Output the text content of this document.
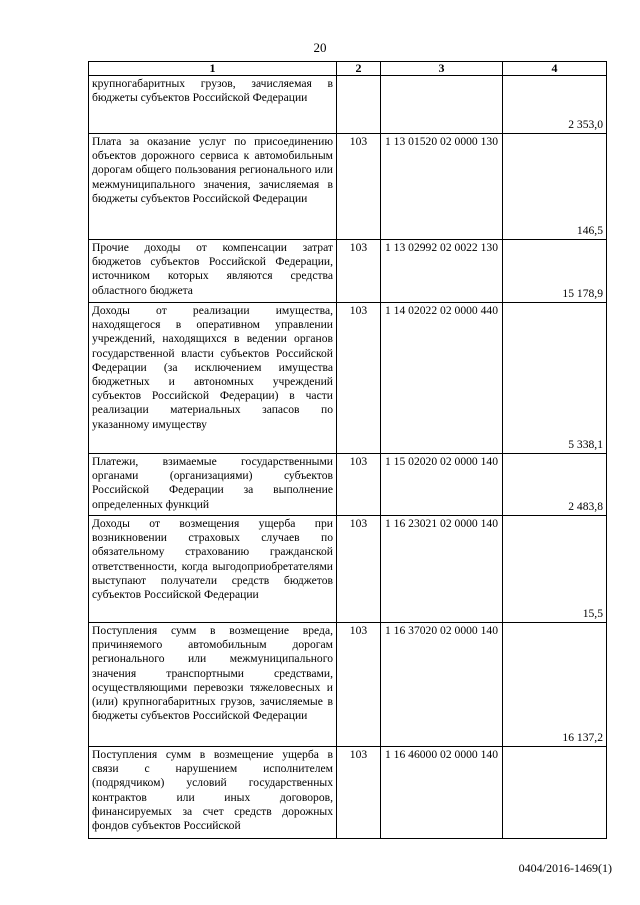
20
1	2	3	4
крупногабаритных грузов, зачисляемая в бюджеты субъектов Российской Федерации			2 353,0
Плата за оказание услуг по присоединению объектов дорожного сервиса к автомобильным дорогам общего пользования регионального или межмуниципального значения, зачисляемая в бюджеты субъектов Российской Федерации	103	1 13 01520 02 0000 130	146,5
Прочие доходы от компенсации затрат бюджетов субъектов Российской Федерации, источником которых являются средства областного бюджета	103	1 13 02992 02 0022 130	15 178,9
Доходы от реализации имущества, находящегося в оперативном управлении учреждений, находящихся в ведении органов государственной власти субъектов Российской Федерации (за исключением имущества бюджетных и автономных учреждений субъектов Российской Федерации) в части реализации материальных запасов по указанному имуществу	103	1 14 02022 02 0000 440	5 338,1
Платежи, взимаемые государственными органами (организациями) субъектов Российской Федерации за выполнение определенных функций	103	1 15 02020 02 0000 140	2 483,8
Доходы от возмещения ущерба при возникновении страховых случаев по обязательному страхованию гражданской ответственности, когда выгодоприобретателями выступают получатели средств бюджетов субъектов Российской Федерации	103	1 16 23021 02 0000 140	15,5
Поступления сумм в возмещение вреда, причиняемого автомобильным дорогам регионального или межмуниципального значения транспортными средствами, осуществляющими перевозки тяжеловесных и (или) крупногабаритных грузов, зачисляемые в бюджеты субъектов Российской Федерации	103	1 16 37020 02 0000 140	16 137,2
Поступления сумм в возмещение ущерба в связи с нарушением исполнителем (подрядчиком) условий государственных контрактов или иных договоров, финансируемых за счет средств дорожных фондов субъектов Российской	103	1 16 46000 02 0000 140	
0404/2016-1469(1)
